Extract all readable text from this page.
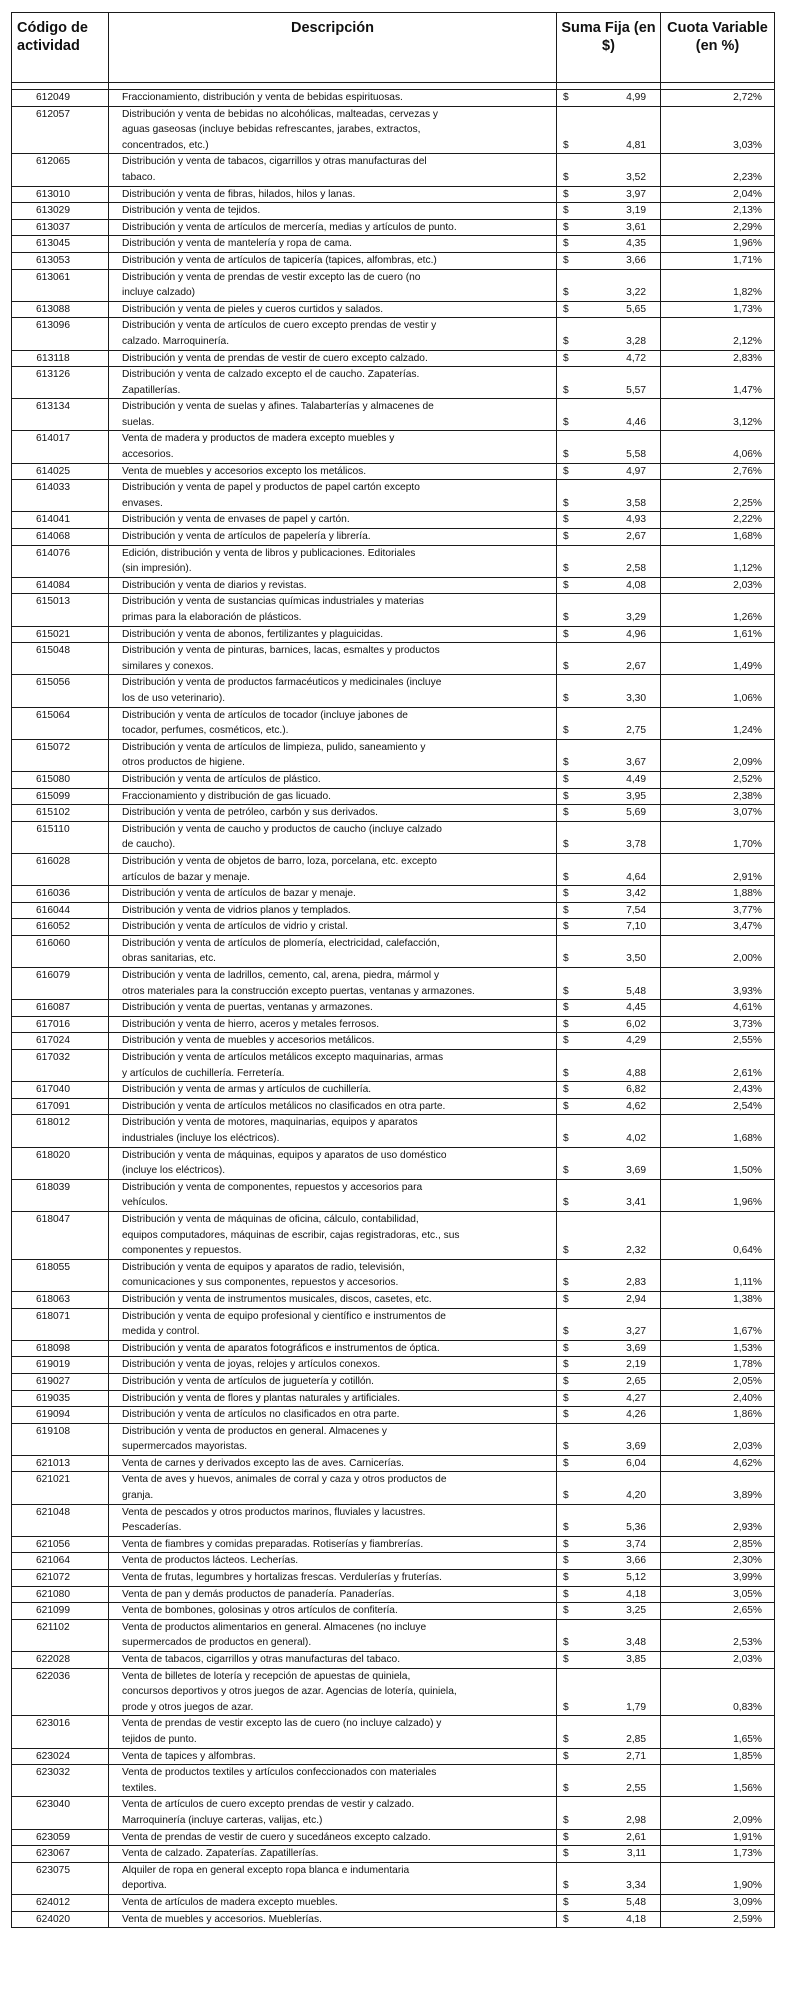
Código de actividad	Descripción	Suma Fija (en $)	Cuota Variable (en %)

612049	Fraccionamiento, distribución y venta de bebidas espirituosas.	$ 4,99	2,72%
612057	Distribución y venta de bebidas no alcohólicas, malteadas, cervezas y
aguas gaseosas (incluye bebidas refrescantes, jarabes, extractos,
concentrados, etc.)	$ 4,81	3,03%
612065	Distribución y venta de tabacos, cigarrillos y otras manufacturas del
tabaco.	$ 3,52	2,23%
613010	Distribución y venta de fibras, hilados, hilos y lanas.	$ 3,97	2,04%
613029	Distribución y venta de tejidos.	$ 3,19	2,13%
613037	Distribución y venta de artículos de mercería, medias y artículos de punto.	$ 3,61	2,29%
613045	Distribución y venta de mantelería y ropa de cama.	$ 4,35	1,96%
613053	Distribución y venta de artículos de tapicería (tapices, alfombras, etc.)	$ 3,66	1,71%
613061	Distribución y venta de prendas de vestir excepto las de cuero (no
incluye calzado)	$ 3,22	1,82%
613088	Distribución y venta de pieles y cueros curtidos y salados.	$ 5,65	1,73%
613096	Distribución y venta de artículos de cuero excepto prendas de vestir y
calzado. Marroquinería.	$ 3,28	2,12%
613118	Distribución y venta de prendas de vestir de cuero excepto calzado.	$ 4,72	2,83%
613126	Distribución y venta de calzado excepto el de caucho. Zapaterías.
Zapatillerías.	$ 5,57	1,47%
613134	Distribución y venta de suelas y afines. Talabarterías y almacenes de
suelas.	$ 4,46	3,12%
614017	Venta de madera y productos de madera excepto muebles y
accesorios.	$ 5,58	4,06%
614025	Venta de muebles y accesorios excepto los metálicos.	$ 4,97	2,76%
614033	Distribución y venta de papel y productos de papel cartón excepto
envases.	$ 3,58	2,25%
614041	Distribución y venta de envases de papel y cartón.	$ 4,93	2,22%
614068	Distribución y venta de artículos de papelería y librería.	$ 2,67	1,68%
614076	Edición, distribución y venta de libros y publicaciones. Editoriales
(sin impresión).	$ 2,58	1,12%
614084	Distribución y venta de diarios y revistas.	$ 4,08	2,03%
615013	Distribución y venta de sustancias químicas industriales y materias
primas para la elaboración de plásticos.	$ 3,29	1,26%
615021	Distribución y venta de abonos, fertilizantes y plaguicidas.	$ 4,96	1,61%
615048	Distribución y venta de pinturas, barnices, lacas, esmaltes y productos
similares y conexos.	$ 2,67	1,49%
615056	Distribución y venta de productos farmacéuticos y medicinales (incluye
los de uso veterinario).	$ 3,30	1,06%
615064	Distribución y venta de artículos de tocador (incluye jabones de
tocador, perfumes, cosméticos, etc.).	$ 2,75	1,24%
615072	Distribución y venta de artículos de limpieza, pulido, saneamiento y
otros productos de higiene.	$ 3,67	2,09%
615080	Distribución y venta de artículos de plástico.	$ 4,49	2,52%
615099	Fraccionamiento y distribución de gas licuado.	$ 3,95	2,38%
615102	Distribución y venta de petróleo, carbón y sus derivados.	$ 5,69	3,07%
615110	Distribución y venta de caucho y productos de caucho (incluye calzado
de caucho).	$ 3,78	1,70%
616028	Distribución y venta de objetos de barro, loza, porcelana, etc. excepto
artículos de bazar y menaje.	$ 4,64	2,91%
616036	Distribución y venta de artículos de bazar y menaje.	$ 3,42	1,88%
616044	Distribución y venta de vidrios planos y templados.	$ 7,54	3,77%
616052	Distribución y venta de artículos de vidrio y cristal.	$ 7,10	3,47%
616060	Distribución y venta de artículos de plomería, electricidad, calefacción,
obras sanitarias, etc.	$ 3,50	2,00%
616079	Distribución y venta de ladrillos, cemento, cal, arena, piedra, mármol y
otros materiales para la construcción excepto puertas, ventanas y armazones.	$ 5,48	3,93%
616087	Distribución y venta de puertas, ventanas y armazones.	$ 4,45	4,61%
617016	Distribución y venta de hierro, aceros y metales ferrosos.	$ 6,02	3,73%
617024	Distribución y venta de muebles y accesorios metálicos.	$ 4,29	2,55%
617032	Distribución y venta de artículos metálicos excepto maquinarias, armas
y artículos de cuchillería. Ferretería.	$ 4,88	2,61%
617040	Distribución y venta de armas y artículos de cuchillería.	$ 6,82	2,43%
617091	Distribución y venta de artículos metálicos no clasificados en otra parte.	$ 4,62	2,54%
618012	Distribución y venta de motores, maquinarias, equipos y aparatos
industriales (incluye los eléctricos).	$ 4,02	1,68%
618020	Distribución y venta de máquinas, equipos y aparatos de uso doméstico
(incluye los eléctricos).	$ 3,69	1,50%
618039	Distribución y venta de componentes, repuestos y accesorios para
vehículos.	$ 3,41	1,96%
618047	Distribución y venta de máquinas de oficina, cálculo, contabilidad,
equipos computadores, máquinas de escribir, cajas registradoras, etc., sus
componentes y repuestos.	$ 2,32	0,64%
618055	Distribución y venta de equipos y aparatos de radio, televisión,
comunicaciones y sus componentes, repuestos y accesorios.	$ 2,83	1,11%
618063	Distribución y venta de instrumentos musicales, discos, casetes, etc.	$ 2,94	1,38%
618071	Distribución y venta de equipo profesional y científico e instrumentos de
medida y control.	$ 3,27	1,67%
618098	Distribución y venta de aparatos fotográficos e instrumentos de óptica.	$ 3,69	1,53%
619019	Distribución y venta de joyas, relojes y artículos conexos.	$ 2,19	1,78%
619027	Distribución y venta de artículos de juguetería y cotillón.	$ 2,65	2,05%
619035	Distribución y venta de flores y plantas naturales y artificiales.	$ 4,27	2,40%
619094	Distribución y venta de artículos no clasificados en otra parte.	$ 4,26	1,86%
619108	Distribución y venta de productos en general. Almacenes y
supermercados mayoristas.	$ 3,69	2,03%
621013	Venta de carnes y derivados excepto las de aves. Carnicerías.	$ 6,04	4,62%
621021	Venta de aves y huevos, animales de corral y caza y otros productos de
granja.	$ 4,20	3,89%
621048	Venta de pescados y otros productos marinos, fluviales y lacustres.
Pescaderías.	$ 5,36	2,93%
621056	Venta de fiambres y comidas preparadas. Rotiserías y fiambrerías.	$ 3,74	2,85%
621064	Venta de productos lácteos. Lecherías.	$ 3,66	2,30%
621072	Venta de frutas, legumbres y hortalizas frescas. Verdulerías y fruterías.	$ 5,12	3,99%
621080	Venta de pan y demás productos de panadería. Panaderías.	$ 4,18	3,05%
621099	Venta de bombones, golosinas y otros artículos de confitería.	$ 3,25	2,65%
621102	Venta de productos alimentarios en general. Almacenes (no incluye
supermercados de productos en general).	$ 3,48	2,53%
622028	Venta de tabacos, cigarrillos y otras manufacturas del tabaco.	$ 3,85	2,03%
622036	Venta de billetes de lotería y recepción de apuestas de quiniela,
concursos deportivos y otros juegos de azar. Agencias de lotería, quiniela,
prode y otros juegos de azar.	$ 1,79	0,83%
623016	Venta de prendas de vestir excepto las de cuero (no incluye calzado) y
tejidos de punto.	$ 2,85	1,65%
623024	Venta de tapices y alfombras.	$ 2,71	1,85%
623032	Venta de productos textiles y artículos confeccionados con materiales
textiles.	$ 2,55	1,56%
623040	Venta de artículos de cuero excepto prendas de vestir y calzado.
Marroquinería (incluye carteras, valijas, etc.)	$ 2,98	2,09%
623059	Venta de prendas de vestir de cuero y sucedáneos excepto calzado.	$ 2,61	1,91%
623067	Venta de calzado. Zapaterías. Zapatillerías.	$ 3,11	1,73%
623075	Alquiler de ropa en general excepto ropa blanca e indumentaria
deportiva.	$ 3,34	1,90%
624012	Venta de artículos de madera excepto muebles.	$ 5,48	3,09%
624020	Venta de muebles y accesorios. Mueblerías.	$ 4,18	2,59%
